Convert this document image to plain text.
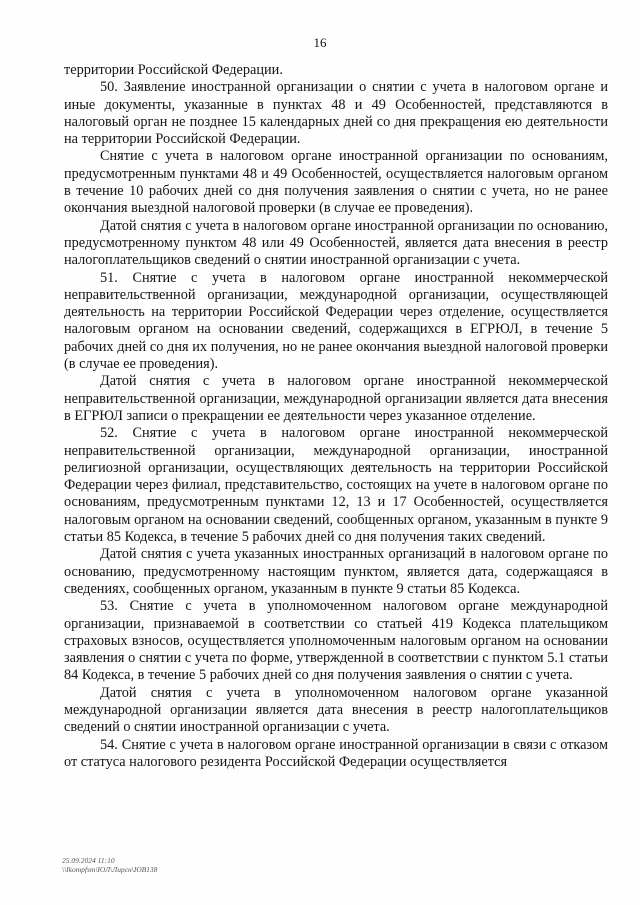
16

территории Российской Федерации.

50. Заявление иностранной организации о снятии с учета в налоговом органе и иные документы, указанные в пунктах 48 и 49 Особенностей, представляются в налоговый орган не позднее 15 календарных дней со дня прекращения ею деятельности на территории Российской Федерации.

Снятие с учета в налоговом органе иностранной организации по основаниям, предусмотренным пунктами 48 и 49 Особенностей, осуществляется налоговым органом в течение 10 рабочих дней со дня получения заявления о снятии с учета, но не ранее окончания выездной налоговой проверки (в случае ее проведения).

Датой снятия с учета в налоговом органе иностранной организации по основанию, предусмотренному пунктом 48 или 49 Особенностей, является дата внесения в реестр налогоплательщиков сведений о снятии иностранной организации с учета.

51. Снятие с учета в налоговом органе иностранной некоммерческой неправительственной организации, международной организации, осуществляющей деятельность на территории Российской Федерации через отделение, осуществляется налоговым органом на основании сведений, содержащихся в ЕГРЮЛ, в течение 5 рабочих дней со дня их получения, но не ранее окончания выездной налоговой проверки (в случае ее проведения).

Датой снятия с учета в налоговом органе иностранной некоммерческой неправительственной организации, международной организации является дата внесения в ЕГРЮЛ записи о прекращении ее деятельности через указанное отделение.

52. Снятие с учета в налоговом органе иностранной некоммерческой неправительственной организации, международной организации, иностранной религиозной организации, осуществляющих деятельность на территории Российской Федерации через филиал, представительство, состоящих на учете в налоговом органе по основаниям, предусмотренным пунктами 12, 13 и 17 Особенностей, осуществляется налоговым органом на основании сведений, сообщенных органом, указанным в пункте 9 статьи 85 Кодекса, в течение 5 рабочих дней со дня получения таких сведений.

Датой снятия с учета указанных иностранных организаций в налоговом органе по основанию, предусмотренному настоящим пунктом, является дата, содержащаяся в сведениях, сообщенных органом, указанным в пункте 9 статьи 85 Кодекса.

53. Снятие с учета в уполномоченном налоговом органе международной организации, признаваемой в соответствии со статьей 419 Кодекса плательщиком страховых взносов, осуществляется уполномоченным налоговым органом на основании заявления о снятии с учета по форме, утвержденной в соответствии с пунктом 5.1 статьи 84 Кодекса, в течение 5 рабочих дней со дня получения заявления о снятии с учета.

Датой снятия с учета в уполномоченном налоговом органе указанной международной организации является дата внесения в реестр налогоплательщиков сведений о снятии иностранной организации с учета.

54. Снятие с учета в налоговом органе иностранной организации в связи с отказом от статуса налогового резидента Российской Федерации осуществляется

25.09.2024 11:10
\\Ikompfsm\ЮЛ\Лирсн\ЮВ138
